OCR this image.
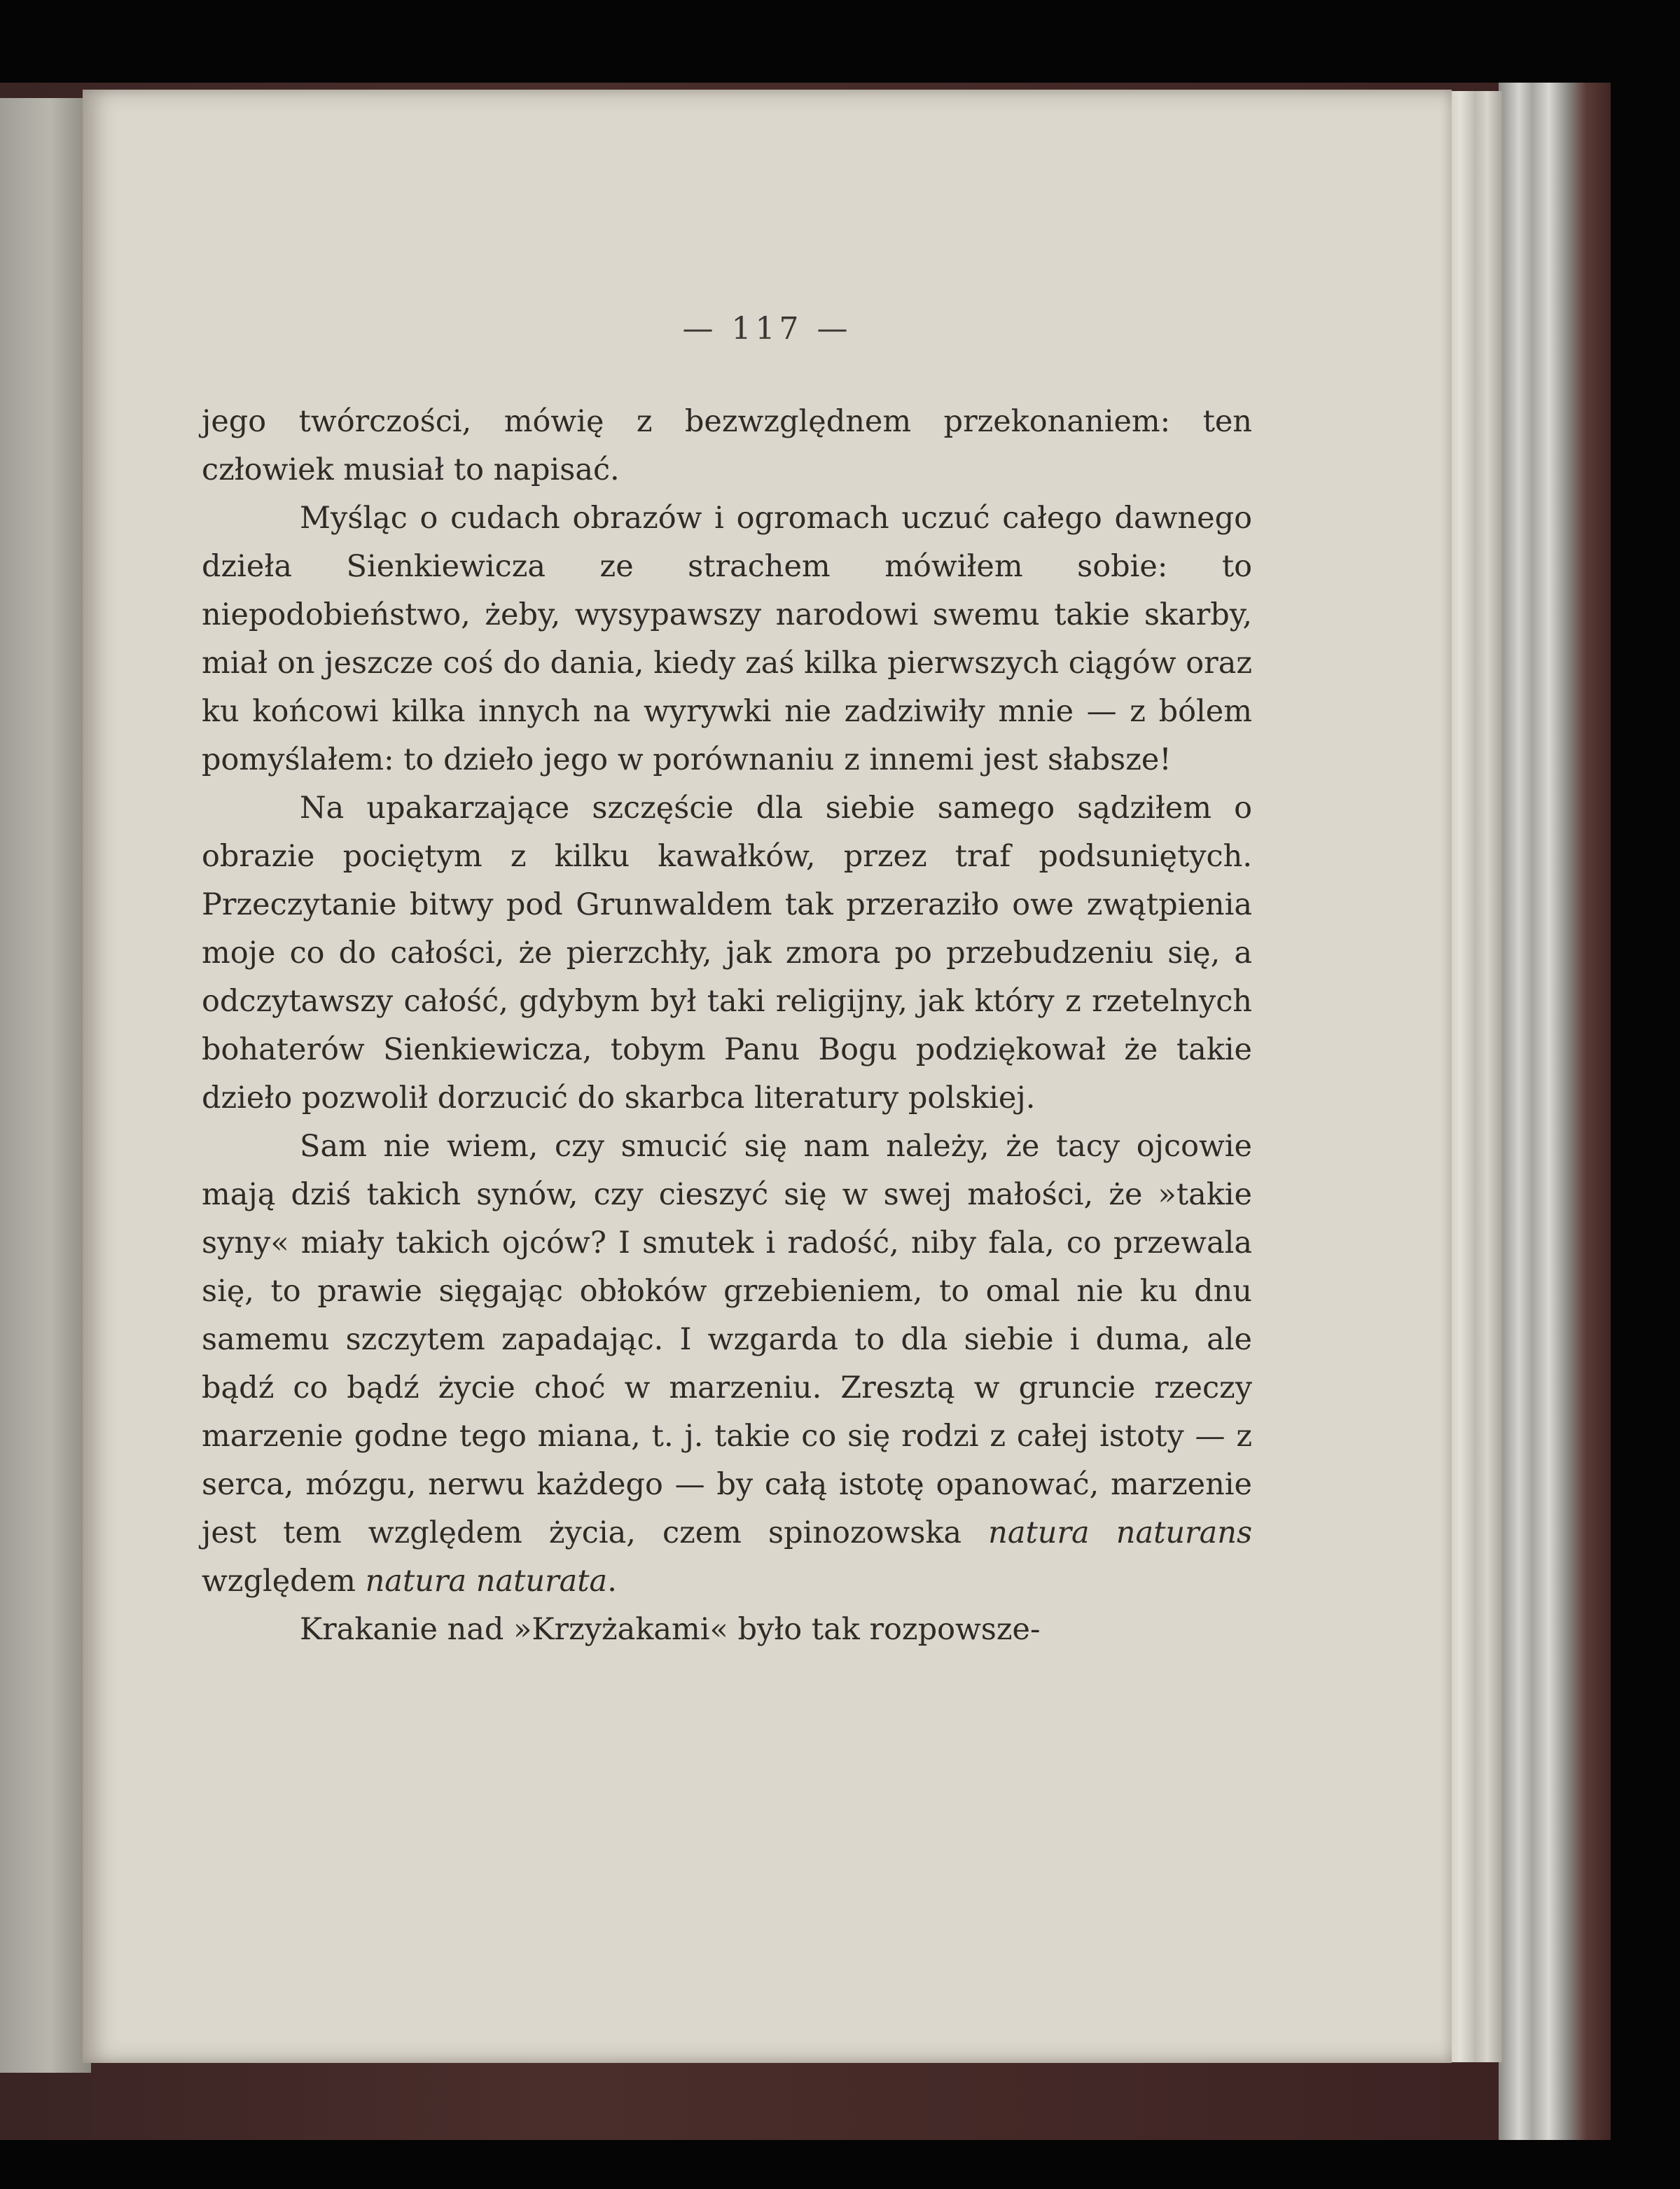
— 117 —

jego twórczości, mówię z bezwzględnem przekonaniem: ten człowiek musiał to napisać.

Myśląc o cudach obrazów i ogromach uczuć całego dawnego dzieła Sienkiewicza ze strachem mówiłem sobie: to niepodobieństwo, żeby, wysypawszy narodowi swemu takie skarby, miał on jeszcze coś do dania, kiedy zaś kilka pierwszych ciągów oraz ku końcowi kilka innych na wyrywki nie zadziwiły mnie — z bólem pomyślałem: to dzieło jego w porównaniu z innemi jest słabsze!

Na upakarzające szczęście dla siebie samego sądziłem o obrazie pociętym z kilku kawałków, przez traf podsuniętych. Przeczytanie bitwy pod Grunwaldem tak przeraziło owe zwątpienia moje co do całości, że pierzchły, jak zmora po przebudzeniu się, a odczytawszy całość, gdybym był taki religijny, jak który z rzetelnych bohaterów Sienkiewicza, tobym Panu Bogu podziękował że takie dzieło pozwolił dorzucić do skarbca literatury polskiej.

Sam nie wiem, czy smucić się nam należy, że tacy ojcowie mają dziś takich synów, czy cieszyć się w swej małości, że »takie syny« miały takich ojców? I smutek i radość, niby fala, co przewala się, to prawie sięgając obłoków grzebieniem, to omal nie ku dnu samemu szczytem zapadając. I wzgarda to dla siebie i duma, ale bądź co bądź życie choć w marzeniu. Zresztą w gruncie rzeczy marzenie godne tego miana, t. j. takie co się rodzi z całej istoty — z serca, mózgu, nerwu każdego — by całą istotę opanować, marzenie jest tem względem życia, czem spinozowska natura naturans względem natura naturata.

Krakanie nad »Krzyżakami« było tak rozpowsze-
